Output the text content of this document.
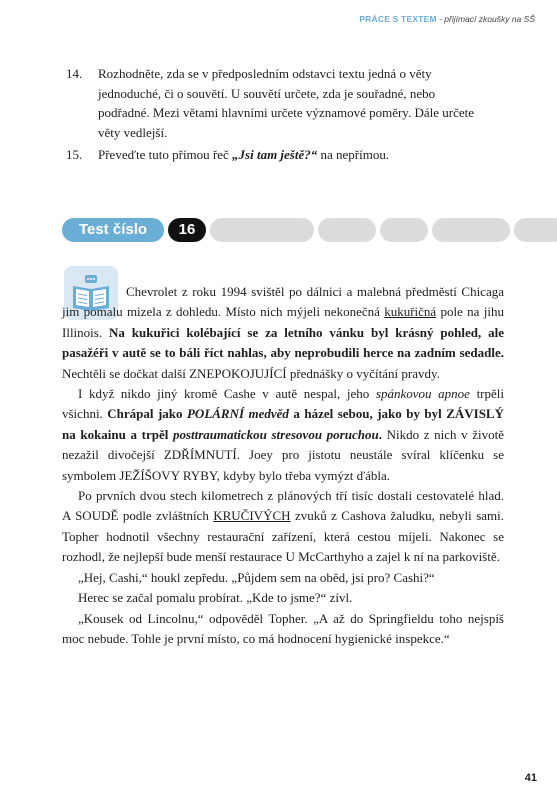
PRÁCE S TEXTEM - přijímací zkoušky na SŠ
14.	Rozhodněte, zda se v předposledním odstavci textu jedná o věty jednoduché, či o souvětí. U souvětí určete, zda je souřadné, nebo podřadné. Mezi větami hlavními určete významové poměry. Dále určete věty vedlejší.
15.	Převeďte tuto přímou řeč „Jsi tam ještě?“ na nepřímou.
Test číslo	16

Chevrolet z roku 1994 svištěl po dálnici a malebná předměstí Chicaga jim pomalu mizela z dohledu. Místo nich mýjeli nekonečná kukuřičná pole na jihu Illinois. Na kukuřici kolébající se za letního vánku byl krásný pohled, ale pasažéři v autě se to báli říct nahlas, aby neprobudili herce na zadním sedadle. Nechtěli se dočkat další ZNEPOKOJUJÍCÍ přednášky o vyčítání pravdy.

I když nikdo jiný kromě Cashe v autě nespal, jeho spánkovou apnoe trpěli všichni. Chrápal jako POLÁRNÍ medvěd a házel sebou, jako by byl ZÁVISLÝ na kokainu a trpěl posttraumatickou stresovou poruchou. Nikdo z nich v životě nezažil divočejší ZDŘÍMNUTÍ. Joey pro jistotu neustále svíral klíčenku se symbolem JEŽÍŠOVY RYBY, kdyby bylo třeba vymýzt ďábla.

Po prvních dvou stech kilometrech z plánových tří tisíc dostali cestovatelé hlad. A SOUDĚ podle zvláštních KRUČIVÝCH zvuků z Cashova žaludku, nebyli sami. Topher hodnotil všechny restaurační zařízení, která cestou míjeli. Nakonec se rozhodl, že nejlepší bude menší restaurace U McCarthyho a zajel k ní na parkoviště.

„Hej, Cashi,“ houkl zepředu. „Půjdem sem na oběd, jsi pro? Cashi?“

Herec se začal pomalu probírat. „Kde to jsme?“ zívl.

„Kousek od Lincolnu,“ odpověděl Topher. „A až do Springfieldu toho nejspíš moc nebude. Tohle je první místo, co má hodnocení hygienické inspekce.“

41
